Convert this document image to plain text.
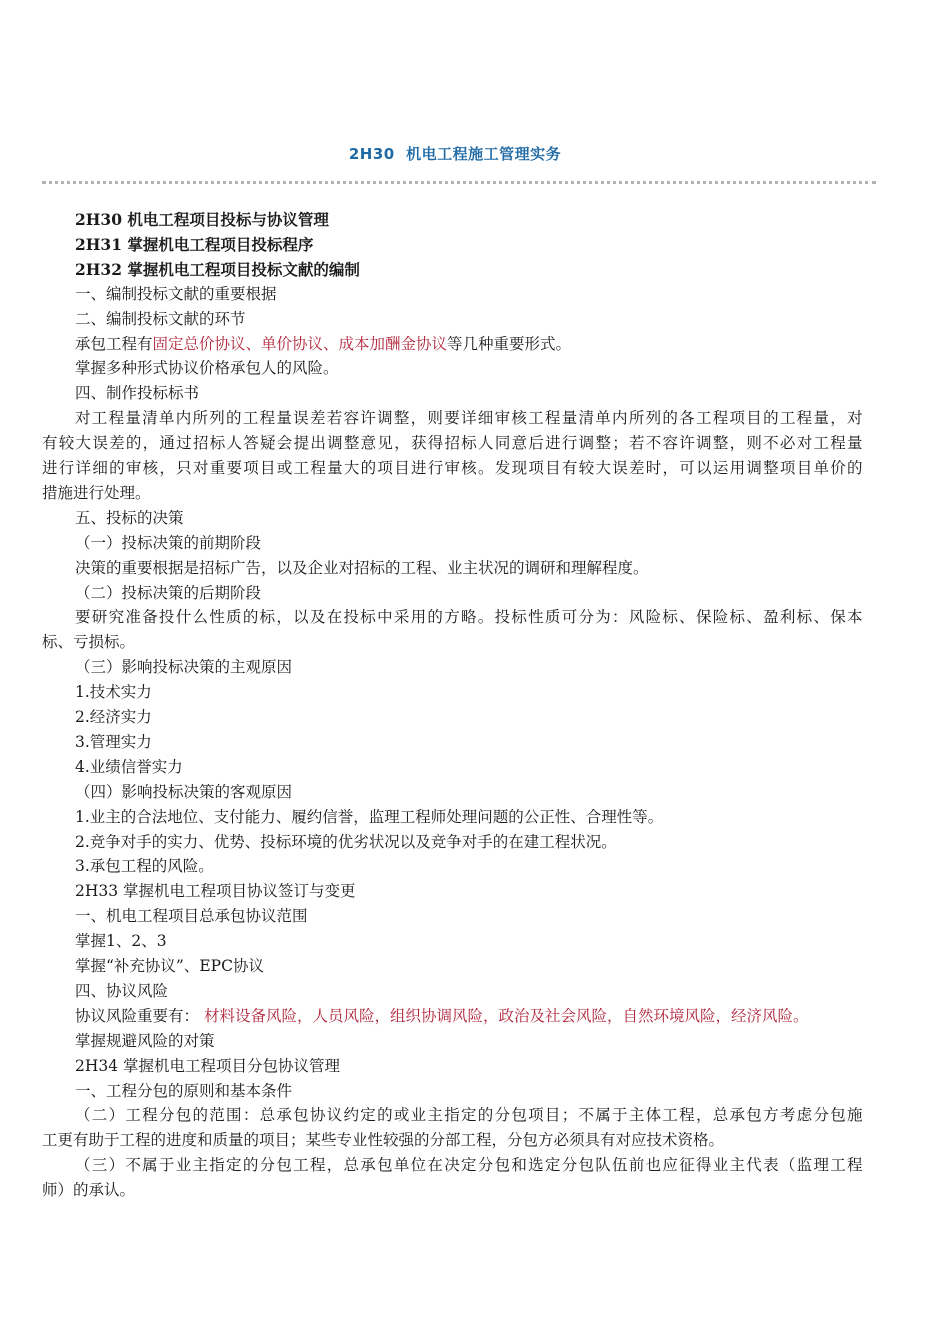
2H30  机电工程施工管理实务
2H30 机电工程项目投标与协议管理
2H31 掌握机电工程项目投标程序
2H32 掌握机电工程项目投标文献的编制
一、编制投标文献的重要根据
二、编制投标文献的环节
承包工程有固定总价协议、单价协议、成本加酬金协议等几种重要形式。
掌握多种形式协议价格承包人的风险。
四、制作投标标书
对工程量清单内所列的工程量误差若容许调整，则要详细审核工程量清单内所列的各工程项目的工程量，对
有较大误差的，通过招标人答疑会提出调整意见，获得招标人同意后进行调整；若不容许调整，则不必对工程量
进行详细的审核，只对重要项目或工程量大的项目进行审核。发现项目有较大误差时，可以运用调整项目单价的
措施进行处理。
五、投标的决策
（一）投标决策的前期阶段
决策的重要根据是招标广告，以及企业对招标的工程、业主状况的调研和理解程度。
（二）投标决策的后期阶段
要研究准备投什么性质的标，以及在投标中采用的方略。投标性质可分为：风险标、保险标、盈利标、保本
标、亏损标。
（三）影响投标决策的主观原因
1.技术实力
2.经济实力
3.管理实力
4.业绩信誉实力
（四）影响投标决策的客观原因
1.业主的合法地位、支付能力、履约信誉，监理工程师处理问题的公正性、合理性等。
2.竞争对手的实力、优势、投标环境的优劣状况以及竞争对手的在建工程状况。
3.承包工程的风险。
2H33 掌握机电工程项目协议签订与变更
一、机电工程项目总承包协议范围
掌握1、2、3
掌握“补充协议”、EPC协议
四、协议风险
协议风险重要有： 材料设备风险，人员风险，组织协调风险，政治及社会风险，自然环境风险，经济风险。
掌握规避风险的对策
2H34 掌握机电工程项目分包协议管理
一、工程分包的原则和基本条件
（二）工程分包的范围：总承包协议约定的或业主指定的分包项目；不属于主体工程，总承包方考虑分包施
工更有助于工程的进度和质量的项目；某些专业性较强的分部工程，分包方必须具有对应技术资格。
（三）不属于业主指定的分包工程，总承包单位在决定分包和选定分包队伍前也应征得业主代表（监理工程
师）的承认。
